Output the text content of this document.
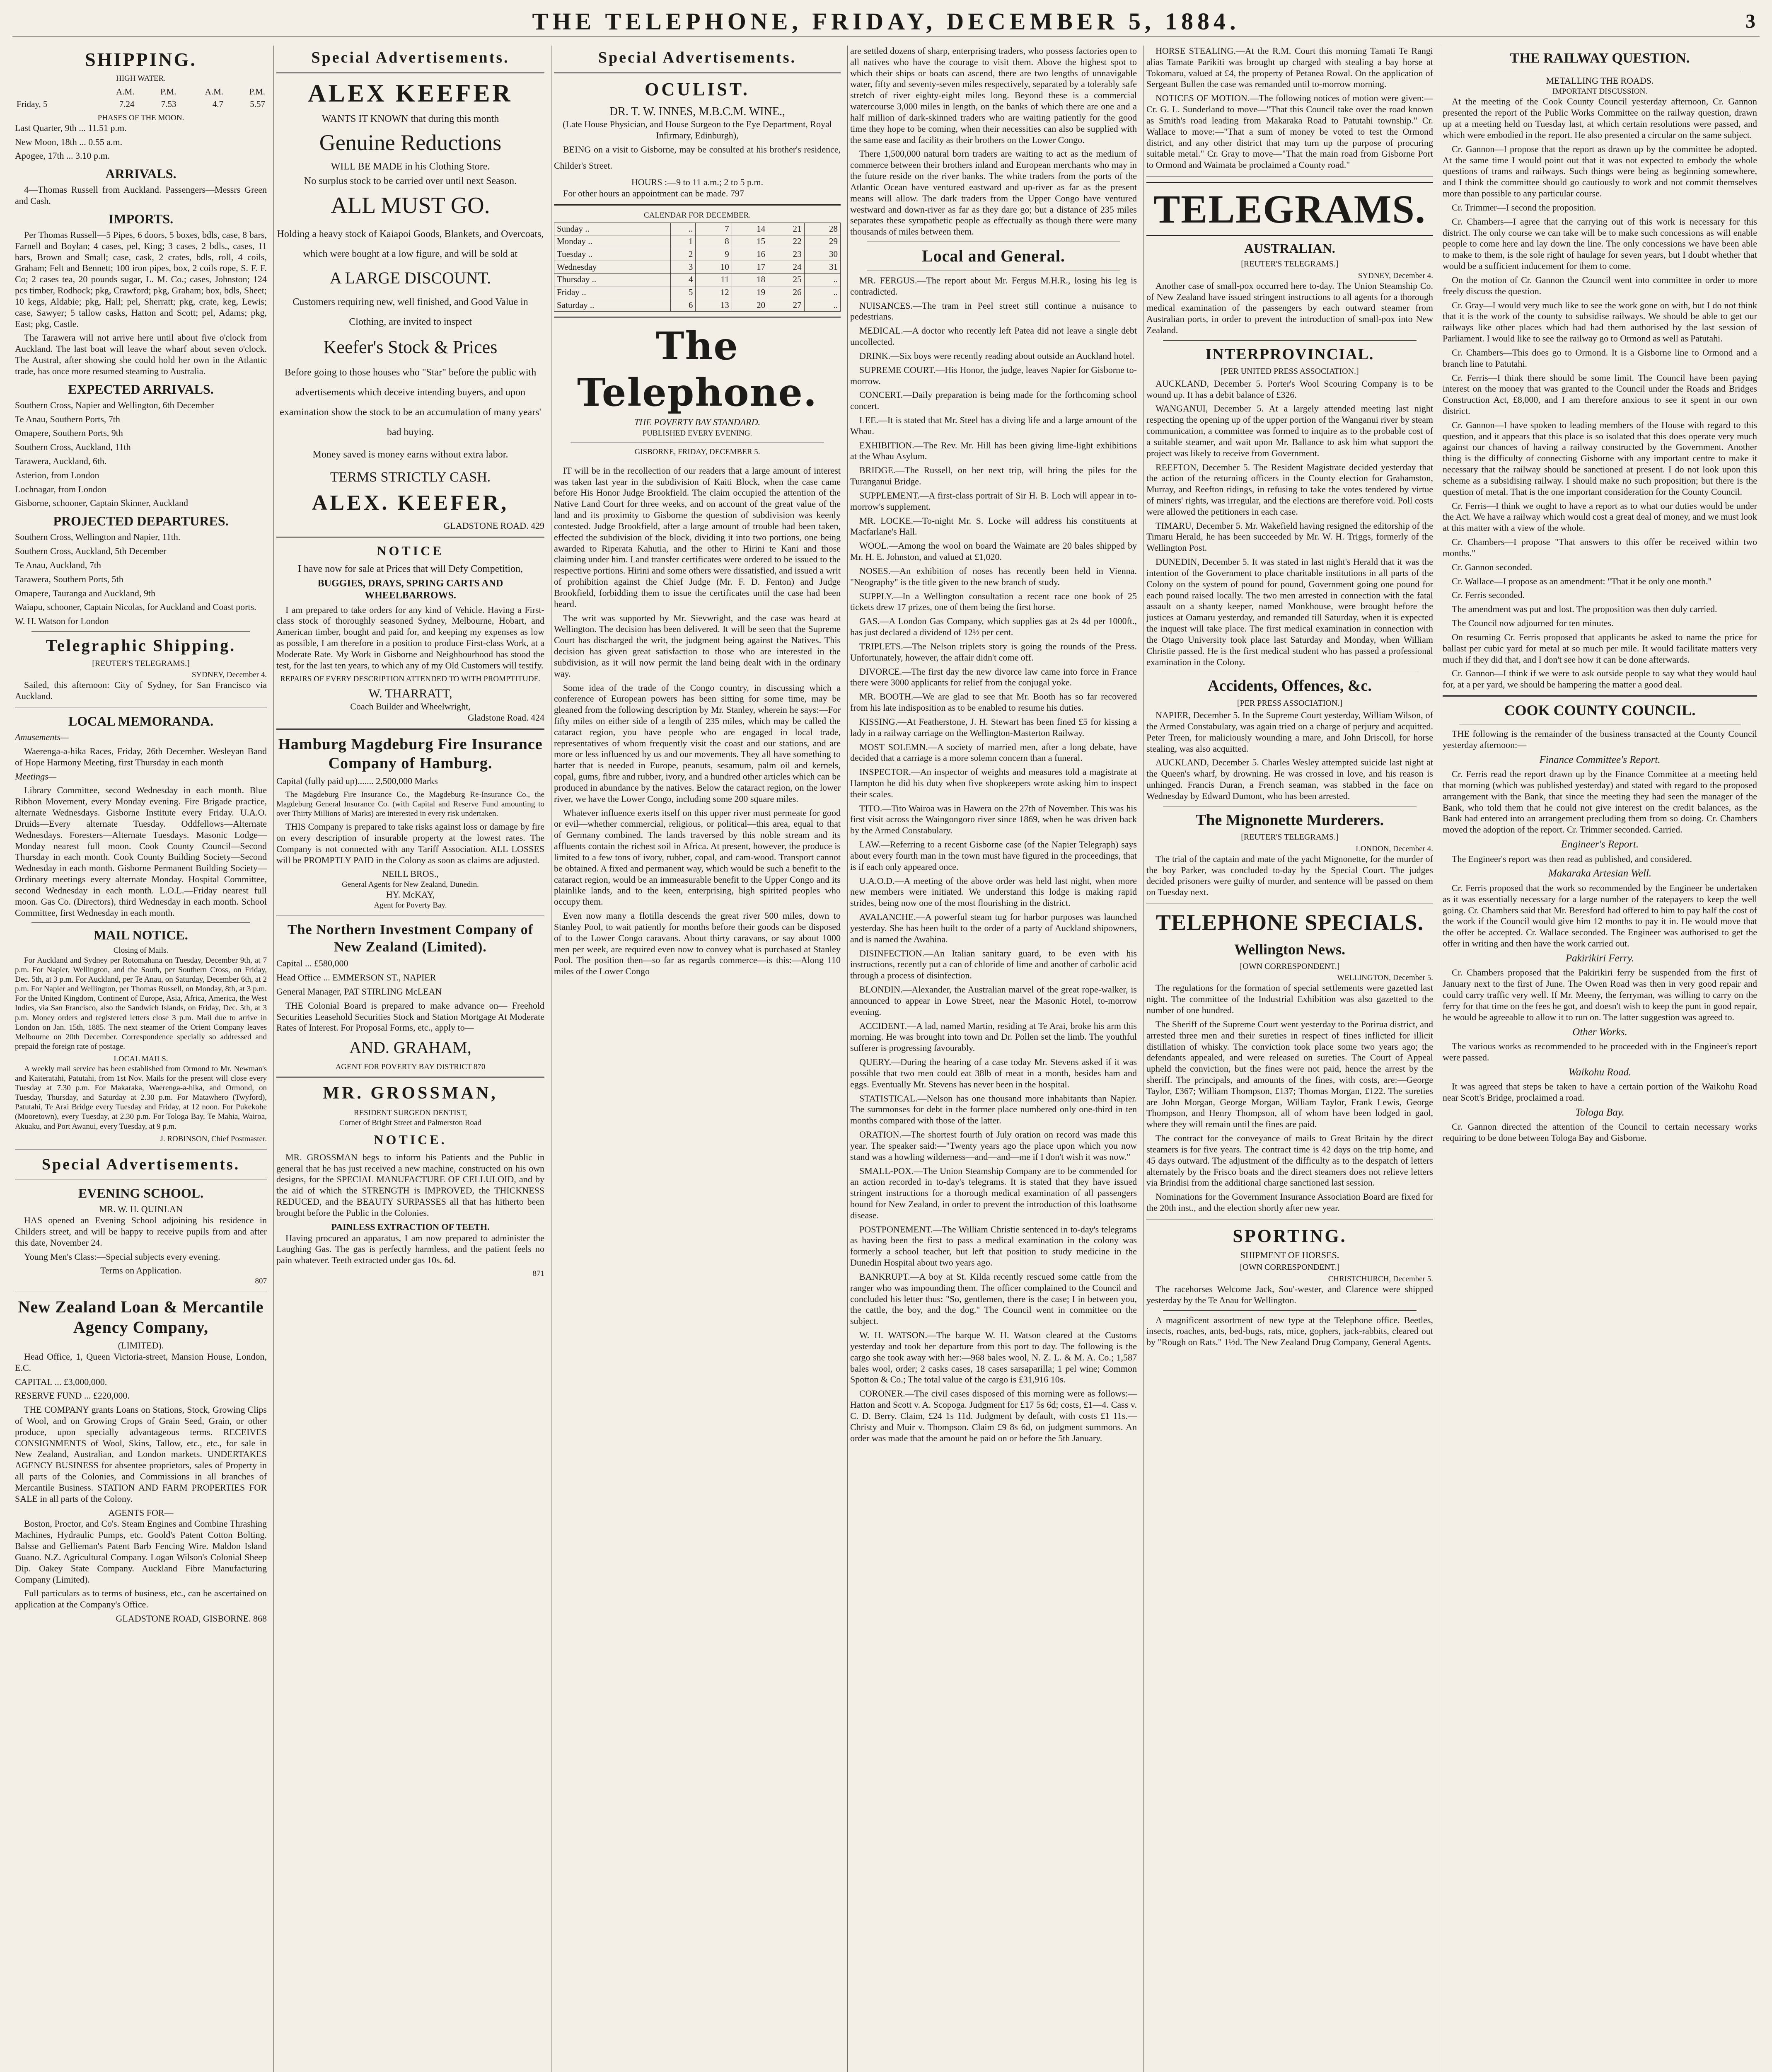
THE TELEPHONE, FRIDAY, DECEMBER 5, 1884.	3
SHIPPING.
HIGH WATER.
	A.M.	P.M.	A.M.	P.M.
Friday, 5	7.24	7.53	4.7	5.57
PHASES OF THE MOON.

Last Quarter, 9th ... 11.51 p.m.

New Moon, 18th ... 0.55 a.m.

Apogee, 17th ... 3.10 p.m.

ARRIVALS.

4—Thomas Russell from Auckland. Passengers—Messrs Green and Cash.

IMPORTS.

Per Thomas Russell—5 Pipes, 6 doors, 5 boxes, bdls, case, 8 bars, Farnell and Boylan; 4 cases, pel, King; 3 cases, 2 bdls., cases, 11 bars, Brown and Small; case, cask, 2 crates, bdls, roll, 4 coils, Graham; Felt and Bennett; 100 iron pipes, box, 2 coils rope, S. F. F. Co; 2 cases tea, 20 pounds sugar, L. M. Co.; cases, Johnston; 124 pcs timber, Rodhock; pkg, Crawford; pkg, Graham; box, bdls, Sheet; 10 kegs, Aldabie; pkg, Hall; pel, Sherratt; pkg, crate, keg, Lewis; case, Sawyer; 5 tallow casks, Hatton and Scott; pel, Adams; pkg, East; pkg, Castle.

The Tarawera will not arrive here until about five o'clock from Auckland. The last boat will leave the wharf about seven o'clock. The Austral, after showing she could hold her own in the Atlantic trade, has once more resumed steaming to Australia.

EXPECTED ARRIVALS.

Southern Cross, Napier and Wellington, 6th December

Te Anau, Southern Ports, 7th

Omapere, Southern Ports, 9th

Southern Cross, Auckland, 11th

Tarawera, Auckland, 6th.

Asterion, from London

Lochnagar, from London

Gisborne, schooner, Captain Skinner, Auckland

PROJECTED DEPARTURES.

Southern Cross, Wellington and Napier, 11th.

Southern Cross, Auckland, 5th December

Te Anau, Auckland, 7th

Tarawera, Southern Ports, 5th

Omapere, Tauranga and Auckland, 9th

Waiapu, schooner, Captain Nicolas, for Auckland and Coast ports.

W. H. Watson for London

Telegraphic Shipping.
[REUTER'S TELEGRAMS.]
SYDNEY, December 4.

Sailed, this afternoon: City of Sydney, for San Francisco via Auckland.

LOCAL MEMORANDA.

Amusements—

Waerenga-a-hika Races, Friday, 26th December. Wesleyan Band of Hope Harmony Meeting, first Thursday in each month

Meetings—

Library Committee, second Wednesday in each month. Blue Ribbon Movement, every Monday evening. Fire Brigade practice, alternate Wednesdays. Gisborne Institute every Friday. U.A.O. Druids—Every alternate Tuesday. Oddfellows—Alternate Wednesdays. Foresters—Alternate Tuesdays. Masonic Lodge—Monday nearest full moon. Cook County Council—Second Thursday in each month. Cook County Building Society—Second Wednesday in each month. Gisborne Permanent Building Society—Ordinary meetings every alternate Monday. Hospital Committee, second Wednesday in each month. L.O.L.—Friday nearest full moon. Gas Co. (Directors), third Wednesday in each month. School Committee, first Wednesday in each month.

MAIL NOTICE.
Closing of Mails.

For Auckland and Sydney per Rotomahana on Tuesday, December 9th, at 7 p.m. For Napier, Wellington, and the South, per Southern Cross, on Friday, Dec. 5th, at 3 p.m. For Auckland, per Te Anau, on Saturday, December 6th, at 2 p.m. For Napier and Wellington, per Thomas Russell, on Monday, 8th, at 3 p.m. For the United Kingdom, Continent of Europe, Asia, Africa, America, the West Indies, via San Francisco, also the Sandwich Islands, on Friday, Dec. 5th, at 3 p.m. Money orders and registered letters close 3 p.m. Mail due to arrive in London on Jan. 15th, 1885. The next steamer of the Orient Company leaves Melbourne on 20th December. Correspondence specially so addressed and prepaid the foreign rate of postage.

LOCAL MAILS.

A weekly mail service has been established from Ormond to Mr. Newman's and Kaiteratahi, Patutahi, from 1st Nov. Mails for the present will close every Tuesday at 7.30 p.m. For Makaraka, Waerenga-a-hika, and Ormond, on Tuesday, Thursday, and Saturday at 2.30 p.m. For Matawhero (Twyford), Patutahi, Te Arai Bridge every Tuesday and Friday, at 12 noon. For Pukekohe (Mooretown), every Tuesday, at 2.30 p.m. For Tologa Bay, Te Mahia, Wairoa, Akuaku, and Port Awanui, every Tuesday, at 9 p.m.

J. ROBINSON, Chief Postmaster.
Special Advertisements.
EVENING SCHOOL.
MR. W. H. QUINLAN

HAS opened an Evening School adjoining his residence in Childers street, and will be happy to receive pupils from and after this date, November 24.

Young Men's Class:—Special subjects every evening.

Terms on Application.
807
New Zealand Loan & Mercantile Agency Company,
(LIMITED).

Head Office, 1, Queen Victoria-street, Mansion House, London, E.C.

CAPITAL ... £3,000,000.

RESERVE FUND ... £220,000.

THE COMPANY grants Loans on Stations, Stock, Growing Clips of Wool, and on Growing Crops of Grain Seed, Grain, or other produce, upon specially advantageous terms. RECEIVES CONSIGNMENTS of Wool, Skins, Tallow, etc., etc., for sale in New Zealand, Australian, and London markets. UNDERTAKES AGENCY BUSINESS for absentee proprietors, sales of Property in all parts of the Colonies, and Commissions in all branches of Mercantile Business. STATION AND FARM PROPERTIES FOR SALE in all parts of the Colony.

AGENTS FOR—

Boston, Proctor, and Co's. Steam Engines and Combine Thrashing Machines, Hydraulic Pumps, etc. Goold's Patent Cotton Bolting. Balsse and Gellieman's Patent Barb Fencing Wire. Maldon Island Guano. N.Z. Agricultural Company. Logan Wilson's Colonial Sheep Dip. Oakey State Company. Auckland Fibre Manufacturing Company (Limited).

Full particulars as to terms of business, etc., can be ascertained on application at the Company's Office.

GLADSTONE ROAD, GISBORNE. 868
Special Advertisements.
ALEX KEEFER
WANTS IT KNOWN that during this month
Genuine Reductions
WILL BE MADE in his Clothing Store.
No surplus stock to be carried over until next Season.
ALL MUST GO.
Holding a heavy stock of Kaiapoi Goods, Blankets, and Overcoats, which were bought at a low figure, and will be sold at
A LARGE DISCOUNT.
Customers requiring new, well finished, and Good Value in Clothing, are invited to inspect
Keefer's Stock & Prices
Before going to those houses who "Star" before the public with advertisements which deceive intending buyers, and upon examination show the stock to be an accumulation of many years' bad buying.
Money saved is money earns without extra labor.
TERMS STRICTLY CASH.
ALEX. KEEFER,
GLADSTONE ROAD. 429
NOTICE
I have now for sale at Prices that will Defy Competition,
BUGGIES, DRAYS, SPRING CARTS AND WHEELBARROWS.

I am prepared to take orders for any kind of Vehicle. Having a First-class stock of thoroughly seasoned Sydney, Melbourne, Hobart, and American timber, bought and paid for, and keeping my expenses as low as possible, I am therefore in a position to produce First-class Work, at a Moderate Rate. My Work in Gisborne and Neighbourhood has stood the test, for the last ten years, to which any of my Old Customers will testify.

REPAIRS OF EVERY DESCRIPTION ATTENDED TO WITH PROMPTITUDE.
W. THARRATT,
Coach Builder and Wheelwright,
Gladstone Road. 424
Hamburg Magdeburg Fire Insurance Company of Hamburg.

Capital (fully paid up)....... 2,500,000 Marks

The Magdeburg Fire Insurance Co., the Magdeburg Re-Insurance Co., the Magdeburg General Insurance Co. (with Capital and Reserve Fund amounting to over Thirty Millions of Marks) are interested in every risk undertaken.

THIS Company is prepared to take risks against loss or damage by fire on every description of insurable property at the lowest rates. The Company is not connected with any Tariff Association. ALL LOSSES will be PROMPTLY PAID in the Colony as soon as claims are adjusted.

NEILL BROS.,
General Agents for New Zealand, Dunedin.
HY. McKAY,
Agent for Poverty Bay.
The Northern Investment Company of New Zealand (Limited).

Capital ... £580,000

Head Office ... EMMERSON ST., NAPIER

General Manager, PAT STIRLING McLEAN

THE Colonial Board is prepared to make advance on— Freehold Securities Leasehold Securities Stock and Station Mortgage At Moderate Rates of Interest. For Proposal Forms, etc., apply to—

AND. GRAHAM,
AGENT FOR POVERTY BAY DISTRICT 870
MR. GROSSMAN,
RESIDENT SURGEON DENTIST,
Corner of Bright Street and Palmerston Road
NOTICE.

MR. GROSSMAN begs to inform his Patients and the Public in general that he has just received a new machine, constructed on his own designs, for the SPECIAL MANUFACTURE OF CELLULOID, and by the aid of which the STRENGTH is IMPROVED, the THICKNESS REDUCED, and the BEAUTY SURPASSES all that has hitherto been brought before the Public in the Colonies.

PAINLESS EXTRACTION OF TEETH.

Having procured an apparatus, I am now prepared to administer the Laughing Gas. The gas is perfectly harmless, and the patient feels no pain whatever. Teeth extracted under gas 10s. 6d.

871
Special Advertisements.
OCULIST.
DR. T. W. INNES, M.B.C.M. WINE.,
(Late House Physician, and House Surgeon to the Eye Department, Royal Infirmary, Edinburgh),

BEING on a visit to Gisborne, may be consulted at his brother's residence, Childer's Street.

HOURS :—9 to 11 a.m.; 2 to 5 p.m.

For other hours an appointment can be made. 797

CALENDAR FOR DECEMBER.
Sunday ..	..	7	14	21	28
Monday ..	1	8	15	22	29
Tuesday ..	2	9	16	23	30
Wednesday	3	10	17	24	31
Thursday ..	4	11	18	25	..
Friday ..	5	12	19	26	..
Saturday ..	6	13	20	27	..
The Telephone.
THE POVERTY BAY STANDARD.
PUBLISHED EVERY EVENING.
GISBORNE, FRIDAY, DECEMBER 5.

IT will be in the recollection of our readers that a large amount of interest was taken last year in the subdivision of Kaiti Block, when the case came before His Honor Judge Brookfield. The claim occupied the attention of the Native Land Court for three weeks, and on account of the great value of the land and its proximity to Gisborne the question of subdivision was keenly contested. Judge Brookfield, after a large amount of trouble had been taken, effected the subdivision of the block, dividing it into two portions, one being awarded to Riperata Kahutia, and the other to Hirini te Kani and those claiming under him. Land transfer certificates were ordered to be issued to the respective portions. Hirini and some others were dissatisfied, and issued a writ of prohibition against the Chief Judge (Mr. F. D. Fenton) and Judge Brookfield, forbidding them to issue the certificates until the case had been heard.

The writ was supported by Mr. Sievwright, and the case was heard at Wellington. The decision has been delivered. It will be seen that the Supreme Court has discharged the writ, the judgment being against the Natives. This decision has given great satisfaction to those who are interested in the subdivision, as it will now permit the land being dealt with in the ordinary way.

Some idea of the trade of the Congo country, in discussing which a conference of European powers has been sitting for some time, may be gleaned from the following description by Mr. Stanley, wherein he says:—For fifty miles on either side of a length of 235 miles, which may be called the cataract region, you have people who are engaged in local trade, representatives of whom frequently visit the coast and our stations, and are more or less influenced by us and our movements. They all have something to barter that is needed in Europe, peanuts, sesamum, palm oil and kernels, copal, gums, fibre and rubber, ivory, and a hundred other articles which can be produced in abundance by the natives. Below the cataract region, on the lower river, we have the Lower Congo, including some 200 square miles.

Whatever influence exerts itself on this upper river must permeate for good or evil—whether commercial, religious, or political—this area, equal to that of Germany combined. The lands traversed by this noble stream and its affluents contain the richest soil in Africa. At present, however, the produce is limited to a few tons of ivory, rubber, copal, and cam-wood. Transport cannot be obtained. A fixed and permanent way, which would be such a benefit to the cataract region, would be an immeasurable benefit to the Upper Congo and its plainlike lands, and to the keen, enterprising, high spirited peoples who occupy them.

Even now many a flotilla descends the great river 500 miles, down to Stanley Pool, to wait patiently for months before their goods can be disposed of to the Lower Congo caravans. About thirty caravans, or say about 1000 men per week, are required even now to convey what is purchased at Stanley Pool. The position then—so far as regards commerce—is this:—Along 110 miles of the Lower Congo

are settled dozens of sharp, enterprising traders, who possess factories open to all natives who have the courage to visit them. Above the highest spot to which their ships or boats can ascend, there are two lengths of unnavigable water, fifty and seventy-seven miles respectively, separated by a tolerably safe stretch of river eighty-eight miles long. Beyond these is a commercial watercourse 3,000 miles in length, on the banks of which there are one and a half million of dark-skinned traders who are waiting patiently for the good time they hope to be coming, when their necessities can also be supplied with the same ease and facility as their brothers on the Lower Congo.

There 1,500,000 natural born traders are waiting to act as the medium of commerce between their brothers inland and European merchants who may in the future reside on the river banks. The white traders from the ports of the Atlantic Ocean have ventured eastward and up-river as far as the present means will allow. The dark traders from the Upper Congo have ventured westward and down-river as far as they dare go; but a distance of 235 miles separates these sympathetic people as effectually as though there were many thousands of miles between them.

Local and General.

MR. FERGUS.—The report about Mr. Fergus M.H.R., losing his leg is contradicted.

NUISANCES.—The tram in Peel street still continue a nuisance to pedestrians.

MEDICAL.—A doctor who recently left Patea did not leave a single debt uncollected.

DRINK.—Six boys were recently reading about outside an Auckland hotel.

SUPREME COURT.—His Honor, the judge, leaves Napier for Gisborne to-morrow.

CONCERT.—Daily preparation is being made for the forthcoming school concert.

LEE.—It is stated that Mr. Steel has a diving life and a large amount of the Whau.

EXHIBITION.—The Rev. Mr. Hill has been giving lime-light exhibitions at the Whau Asylum.

BRIDGE.—The Russell, on her next trip, will bring the piles for the Turanganui Bridge.

SUPPLEMENT.—A first-class portrait of Sir H. B. Loch will appear in to-morrow's supplement.

MR. LOCKE.—To-night Mr. S. Locke will address his constituents at Macfarlane's Hall.

WOOL.—Among the wool on board the Waimate are 20 bales shipped by Mr. H. E. Johnston, and valued at £1,020.

NOSES.—An exhibition of noses has recently been held in Vienna. "Neography" is the title given to the new branch of study.

SUPPLY.—In a Wellington consultation a recent race one book of 25 tickets drew 17 prizes, one of them being the first horse.

GAS.—A London Gas Company, which supplies gas at 2s 4d per 1000ft., has just declared a dividend of 12½ per cent.

TRIPLETS.—The Nelson triplets story is going the rounds of the Press. Unfortunately, however, the affair didn't come off.

DIVORCE.—The first day the new divorce law came into force in France there were 3000 applicants for relief from the conjugal yoke.

MR. BOOTH.—We are glad to see that Mr. Booth has so far recovered from his late indisposition as to be enabled to resume his duties.

KISSING.—At Featherstone, J. H. Stewart has been fined £5 for kissing a lady in a railway carriage on the Wellington-Masterton Railway.

MOST SOLEMN.—A society of married men, after a long debate, have decided that a carriage is a more solemn concern than a funeral.

INSPECTOR.—An inspector of weights and measures told a magistrate at Hampton he did his duty when five shopkeepers wrote asking him to inspect their scales.

TITO.—Tito Wairoa was in Hawera on the 27th of November. This was his first visit across the Waingongoro river since 1869, when he was driven back by the Armed Constabulary.

LAW.—Referring to a recent Gisborne case (of the Napier Telegraph) says about every fourth man in the town must have figured in the proceedings, that is if each only appeared once.

U.A.O.D.—A meeting of the above order was held last night, when more new members were initiated. We understand this lodge is making rapid strides, being now one of the most flourishing in the district.

AVALANCHE.—A powerful steam tug for harbor purposes was launched yesterday. She has been built to the order of a party of Auckland shipowners, and is named the Awahina.

DISINFECTION.—An Italian sanitary guard, to be even with his instructions, recently put a can of chloride of lime and another of carbolic acid through a process of disinfection.

BLONDIN.—Alexander, the Australian marvel of the great rope-walker, is announced to appear in Lowe Street, near the Masonic Hotel, to-morrow evening.

ACCIDENT.—A lad, named Martin, residing at Te Arai, broke his arm this morning. He was brought into town and Dr. Pollen set the limb. The youthful sufferer is progressing favourably.

QUERY.—During the hearing of a case today Mr. Stevens asked if it was possible that two men could eat 38lb of meat in a month, besides ham and eggs. Eventually Mr. Stevens has never been in the hospital.

STATISTICAL.—Nelson has one thousand more inhabitants than Napier. The summonses for debt in the former place numbered only one-third in ten months compared with those of the latter.

ORATION.—The shortest fourth of July oration on record was made this year. The speaker said:—"Twenty years ago the place upon which you now stand was a howling wilderness—and—and—me if I don't wish it was now."

SMALL-POX.—The Union Steamship Company are to be commended for an action recorded in to-day's telegrams. It is stated that they have issued stringent instructions for a thorough medical examination of all passengers bound for New Zealand, in order to prevent the introduction of this loathsome disease.

POSTPONEMENT.—The William Christie sentenced in to-day's telegrams as having been the first to pass a medical examination in the colony was formerly a school teacher, but left that position to study medicine in the Dunedin Hospital about two years ago.

BANKRUPT.—A boy at St. Kilda recently rescued some cattle from the ranger who was impounding them. The officer complained to the Council and concluded his letter thus: "So, gentlemen, there is the case; I in between you, the cattle, the boy, and the dog." The Council went in committee on the subject.

W. H. WATSON.—The barque W. H. Watson cleared at the Customs yesterday and took her departure from this port to day. The following is the cargo she took away with her:—968 bales wool, N. Z. L. & M. A. Co.; 1,587 bales wool, order; 2 casks cases, 18 cases sarsaparilla; 1 pel wine; Common Spotton & Co.; The total value of the cargo is £31,916 10s.

CORONER.—The civil cases disposed of this morning were as follows:—Hatton and Scott v. A. Scopoga. Judgment for £17 5s 6d; costs, £1—4. Cass v. C. D. Berry. Claim, £24 1s 11d. Judgment by default, with costs £1 11s.—Christy and Muir v. Thompson. Claim £9 8s 6d, on judgment summons. An order was made that the amount be paid on or before the 5th January.

HORSE STEALING.—At the R.M. Court this morning Tamati Te Rangi alias Tamate Parikiti was brought up charged with stealing a bay horse at Tokomaru, valued at £4, the property of Petanea Rowal. On the application of Sergeant Bullen the case was remanded until to-morrow morning.

NOTICES OF MOTION.—The following notices of motion were given:—Cr. G. L. Sunderland to move—"That this Council take over the road known as Smith's road leading from Makaraka Road to Patutahi township." Cr. Wallace to move:—"That a sum of money be voted to test the Ormond district, and any other district that may turn up the purpose of procuring suitable metal." Cr. Gray to move—"That the main road from Gisborne Port to Ormond and Waimata be proclaimed a County road."

TELEGRAMS.
AUSTRALIAN.
[REUTER'S TELEGRAMS.]
SYDNEY, December 4.

Another case of small-pox occurred here to-day. The Union Steamship Co. of New Zealand have issued stringent instructions to all agents for a thorough medical examination of the passengers by each outward steamer from Australian ports, in order to prevent the introduction of small-pox into New Zealand.

INTERPROVINCIAL.
[PER UNITED PRESS ASSOCIATION.]

AUCKLAND, December 5. Porter's Wool Scouring Company is to be wound up. It has a debit balance of £326.

WANGANUI, December 5. At a largely attended meeting last night respecting the opening up of the upper portion of the Wanganui river by steam communication, a committee was formed to inquire as to the probable cost of a suitable steamer, and wait upon Mr. Ballance to ask him what support the project was likely to receive from Government.

REEFTON, December 5. The Resident Magistrate decided yesterday that the action of the returning officers in the County election for Grahamston, Murray, and Reefton ridings, in refusing to take the votes tendered by virtue of miners' rights, was irregular, and the elections are therefore void. Poll costs were allowed the petitioners in each case.

TIMARU, December 5. Mr. Wakefield having resigned the editorship of the Timaru Herald, he has been succeeded by Mr. W. H. Triggs, formerly of the Wellington Post.

DUNEDIN, December 5. It was stated in last night's Herald that it was the intention of the Government to place charitable institutions in all parts of the Colony on the system of pound for pound, Government going one pound for each pound raised locally. The two men arrested in connection with the fatal assault on a shanty keeper, named Monkhouse, were brought before the justices at Oamaru yesterday, and remanded till Saturday, when it is expected the inquest will take place. The first medical examination in connection with the Otago University took place last Saturday and Monday, when William Christie passed. He is the first medical student who has passed a professional examination in the Colony.

Accidents, Offences, &c.
[PER PRESS ASSOCIATION.]

NAPIER, December 5. In the Supreme Court yesterday, William Wilson, of the Armed Constabulary, was again tried on a charge of perjury and acquitted. Peter Treen, for maliciously wounding a mare, and John Driscoll, for horse stealing, was also acquitted.

AUCKLAND, December 5. Charles Wesley attempted suicide last night at the Queen's wharf, by drowning. He was crossed in love, and his reason is unhinged. Francis Duran, a French seaman, was stabbed in the face on Wednesday by Edward Dumont, who has been arrested.

The Mignonette Murderers.
[REUTER'S TELEGRAMS.]
LONDON, December 4.

The trial of the captain and mate of the yacht Mignonette, for the murder of the boy Parker, was concluded to-day by the Special Court. The judges decided prisoners were guilty of murder, and sentence will be passed on them on Tuesday next.

TELEPHONE SPECIALS.
Wellington News.
[OWN CORRESPONDENT.]
WELLINGTON, December 5.

The regulations for the formation of special settlements were gazetted last night. The committee of the Industrial Exhibition was also gazetted to the number of one hundred.

The Sheriff of the Supreme Court went yesterday to the Porirua district, and arrested three men and their sureties in respect of fines inflicted for illicit distillation of whisky. The conviction took place some two years ago; the defendants appealed, and were released on sureties. The Court of Appeal upheld the conviction, but the fines were not paid, hence the arrest by the sheriff. The principals, and amounts of the fines, with costs, are:—George Taylor, £367; William Thompson, £137; Thomas Morgan, £122. The sureties are John Morgan, George Morgan, William Taylor, Frank Lewis, George Thompson, and Henry Thompson, all of whom have been lodged in gaol, where they will remain until the fines are paid.

The contract for the conveyance of mails to Great Britain by the direct steamers is for five years. The contract time is 42 days on the trip home, and 45 days outward. The adjustment of the difficulty as to the despatch of letters alternately by the Frisco boats and the direct steamers does not relieve letters via Brindisi from the additional charge sanctioned last session.

Nominations for the Government Insurance Association Board are fixed for the 20th inst., and the election shortly after new year.

SPORTING.
SHIPMENT OF HORSES.
[OWN CORRESPONDENT.]
CHRISTCHURCH, December 5.

The racehorses Welcome Jack, Sou'-wester, and Clarence were shipped yesterday by the Te Anau for Wellington.

A magnificent assortment of new type at the Telephone office. Beetles, insects, roaches, ants, bed-bugs, rats, mice, gophers, jack-rabbits, cleared out by "Rough on Rats." 1½d. The New Zealand Drug Company, General Agents.

THE RAILWAY QUESTION.
METALLING THE ROADS.
IMPORTANT DISCUSSION.

At the meeting of the Cook County Council yesterday afternoon, Cr. Gannon presented the report of the Public Works Committee on the railway question, drawn up at a meeting held on Tuesday last, at which certain resolutions were passed, and which were embodied in the report. He also presented a circular on the same subject.

Cr. Gannon—I propose that the report as drawn up by the committee be adopted. At the same time I would point out that it was not expected to embody the whole questions of trams and railways. Such things were being as beginning somewhere, and I think the committee should go cautiously to work and not commit themselves more than possible to any particular course.

Cr. Trimmer—I second the proposition.

Cr. Chambers—I agree that the carrying out of this work is necessary for this district. The only course we can take will be to make such concessions as will enable people to come here and lay down the line. The only concessions we have been able to make to them, is the sole right of haulage for seven years, but I doubt whether that would be a sufficient inducement for them to come.

On the motion of Cr. Gannon the Council went into committee in order to more freely discuss the question.

Cr. Gray—I would very much like to see the work gone on with, but I do not think that it is the work of the county to subsidise railways. We should be able to get our railways like other places which had had them authorised by the last session of Parliament. I would like to see the railway go to Ormond as well as Patutahi.

Cr. Chambers—This does go to Ormond. It is a Gisborne line to Ormond and a branch line to Patutahi.

Cr. Ferris—I think there should be some limit. The Council have been paying interest on the money that was granted to the Council under the Roads and Bridges Construction Act, £8,000, and I am therefore anxious to see it spent in our own district.

Cr. Gannon—I have spoken to leading members of the House with regard to this question, and it appears that this place is so isolated that this does operate very much against our chances of having a railway constructed by the Government. Another thing is the difficulty of connecting Gisborne with any important centre to make it necessary that the railway should be sanctioned at present. I do not look upon this scheme as a subsidising railway. I should make no such proposition; but there is the question of metal. That is the one important consideration for the County Council.

Cr. Ferris—I think we ought to have a report as to what our duties would be under the Act. We have a railway which would cost a great deal of money, and we must look at this matter with a view of the whole.

Cr. Chambers—I propose "That answers to this offer be received within two months."

Cr. Gannon seconded.

Cr. Wallace—I propose as an amendment: "That it be only one month."

Cr. Ferris seconded.

The amendment was put and lost. The proposition was then duly carried.

The Council now adjourned for ten minutes.

On resuming Cr. Ferris proposed that applicants be asked to name the price for ballast per cubic yard for metal at so much per mile. It would facilitate matters very much if they did that, and I don't see how it can be done afterwards.

Cr. Gannon—I think if we were to ask outside people to say what they would haul for, at a per yard, we should be hampering the matter a good deal.

COOK COUNTY COUNCIL.

THE following is the remainder of the business transacted at the County Council yesterday afternoon:—

Finance Committee's Report.

Cr. Ferris read the report drawn up by the Finance Committee at a meeting held that morning (which was published yesterday) and stated with regard to the proposed arrangement with the Bank, that since the meeting they had seen the manager of the Bank, who told them that he could not give interest on the credit balances, as the Bank had entered into an arrangement precluding them from so doing. Cr. Chambers moved the adoption of the report. Cr. Trimmer seconded. Carried.

Engineer's Report.

The Engineer's report was then read as published, and considered.

Makaraka Artesian Well.

Cr. Ferris proposed that the work so recommended by the Engineer be undertaken as it was essentially necessary for a large number of the ratepayers to keep the well going. Cr. Chambers said that Mr. Beresford had offered to him to pay half the cost of the work if the Council would give him 12 months to pay it in. He would move that the offer be accepted. Cr. Wallace seconded. The Engineer was authorised to get the offer in writing and then have the work carried out.

Pakirikiri Ferry.

Cr. Chambers proposed that the Pakirikiri ferry be suspended from the first of January next to the first of June. The Owen Road was then in very good repair and could carry traffic very well. If Mr. Meeny, the ferryman, was willing to carry on the ferry for that time on the fees he got, and doesn't wish to keep the punt in good repair, he would be agreeable to allow it to run on. The latter suggestion was agreed to.

Other Works.

The various works as recommended to be proceeded with in the Engineer's report were passed.

Waikohu Road.

It was agreed that steps be taken to have a certain portion of the Waikohu Road near Scott's Bridge, proclaimed a road.

Tologa Bay.

Cr. Gannon directed the attention of the Council to certain necessary works requiring to be done between Tologa Bay and Gisborne.
